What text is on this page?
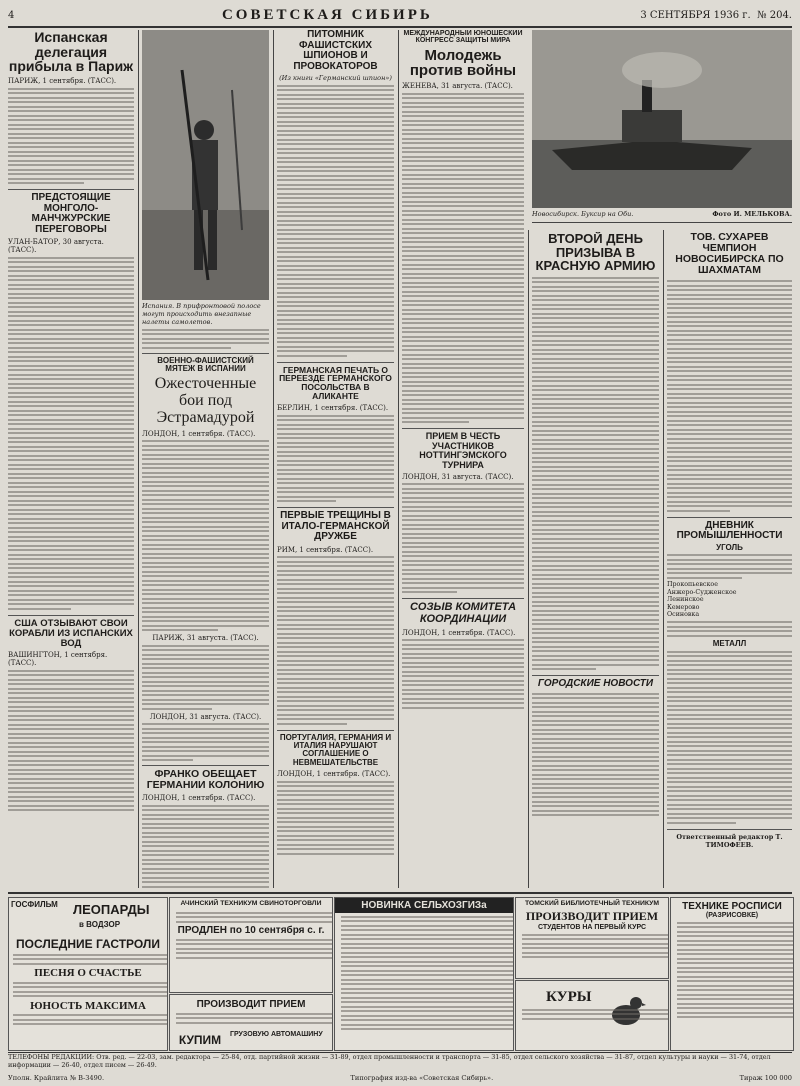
4	СОВЕТСКАЯ СИБИРЬ	3 СЕНТЯБРЯ 1936 г. № 204.
Испанская делегация прибыла в Париж
ПАРИЖ, 1 сентября. (ТАСС).
ПРЕДСТОЯЩИЕ МОНГОЛО-МАНЧЖУРСКИЕ ПЕРЕГОВОРЫ
УЛАН-БАТОР, 30 августа. (ТАСС).
США ОТЗЫВАЮТ СВОИ КОРАБЛИ ИЗ ИСПАНСКИХ ВОД
ВАШИНГТОН, 1 сентября. (ТАСС).
Испания. В прифронтовой полосе могут происходить внезапные налеты самолетов.
ВОЕННО-ФАШИСТСКИЙ МЯТЕЖ В ИСПАНИИ
Ожесточенные бои под Эстрамадурой
ЛОНДОН, 1 сентября. (ТАСС).
ПАРИЖ, 31 августа. (ТАСС).
ЛОНДОН, 31 августа. (ТАСС).
ФРАНКО ОБЕЩАЕТ ГЕРМАНИИ КОЛОНИЮ
ЛОНДОН, 1 сентября. (ТАСС).
ПИТОМНИК ФАШИСТСКИХ ШПИОНОВ И ПРОВОКАТОРОВ
(Из книги «Германский шпион»)
ГЕРМАНСКАЯ ПЕЧАТЬ О ПЕРЕЕЗДЕ ГЕРМАНСКОГО ПОСОЛЬСТВА В АЛИКАНТЕ
БЕРЛИН, 1 сентября. (ТАСС).
ПЕРВЫЕ ТРЕЩИНЫ В ИТАЛО-ГЕРМАНСКОЙ ДРУЖБЕ
РИМ, 1 сентября. (ТАСС).
ПОРТУГАЛИЯ, ГЕРМАНИЯ И ИТАЛИЯ НАРУШАЮТ СОГЛАШЕНИЕ О НЕВМЕШАТЕЛЬСТВЕ
ЛОНДОН, 1 сентября. (ТАСС).
МЕЖДУНАРОДНЫЙ ЮНОШЕСКИЙ КОНГРЕСС ЗАЩИТЫ МИРА
Молодежь против войны
ЖЕНЕВА, 31 августа. (ТАСС).
ПРИЕМ В ЧЕСТЬ УЧАСТНИКОВ НОТТИНГЭМСКОГО ТУРНИРА
ЛОНДОН, 31 августа. (ТАСС).
СОЗЫВ КОМИТЕТА КООРДИНАЦИИ
ЛОНДОН, 1 сентября. (ТАСС).
Новосибирск. Буксир на Оби.	Фото И. МЕЛЬКОВА.
ВТОРОЙ ДЕНЬ ПРИЗЫВА В КРАСНУЮ АРМИЮ
ГОРОДСКИЕ НОВОСТИ
ТОВ. СУХАРЕВ ЧЕМПИОН НОВОСИБИРСКА ПО ШАХМАТАМ
ДНЕВНИК ПРОМЫШЛЕННОСТИ
УГОЛЬ
Прокопьевское
Анжеро-Судженское
Ленинское
Кемерово
Осиновка
МЕТАЛЛ
Ответственный редактор Т. ТИМОФЕЕВ.
ГОСФИЛЬМ	ЛЕОПАРДЫ
в ВОДЗОР
ПОСЛЕДНИЕ ГАСТРОЛИ
ПЕСНЯ О СЧАСТЬЕ
ЮНОСТЬ МАКСИМА
АЧИНСКИЙ ТЕХНИКУМ СВИНОТОРГОВЛИ
ПРОДЛЕН по 10 сентября с. г.
ПРОИЗВОДИТ ПРИЕМ
КУПИМ	ГРУЗОВУЮ АВТОМАШИНУ
НОВИНКА СЕЛЬХОЗГИЗа	ТОМСКИЙ БИБЛИОТЕЧНЫЙ ТЕХНИКУМ
ПРОИЗВОДИТ ПРИЕМ
СТУДЕНТОВ НА ПЕРВЫЙ КУРС
КУРЫ
ТЕХНИКЕ РОСПИСИ
(РАЗРИСОВКЕ)
ТЕЛЕФОНЫ РЕДАКЦИИ: Отв. ред. — 22-03, зам. редактора — 25-84, отд. партийной жизни — 31-89, отдел промышленности и транспорта — 31-85, отдел сельского хозяйства — 31-87, отдел культуры и науки — 31-74, отдел информации — 26-40, отдел писем — 26-49.
Уполн. Крайлита № В-3490.	Типография изд-ва «Советская Сибирь».	Тираж 100 000
